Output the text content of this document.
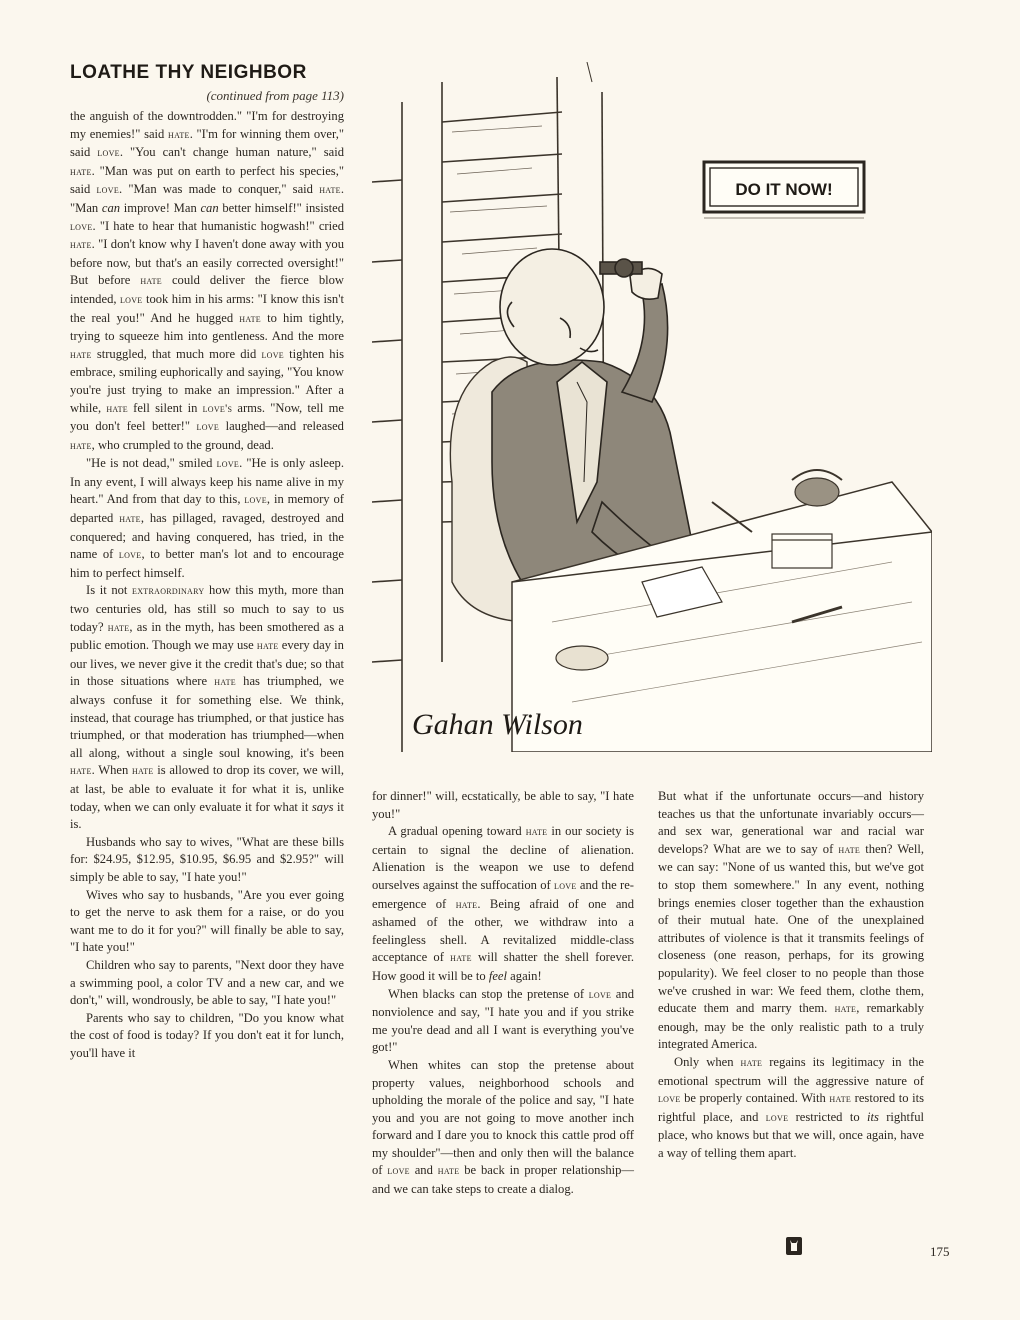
LOATHE THY NEIGHBOR
(continued from page 113)

the anguish of the downtrodden." "I'm for destroying my enemies!" said hate. "I'm for winning them over," said love. "You can't change human nature," said hate. "Man was put on earth to perfect his species," said love. "Man was made to conquer," said hate. "Man can improve! Man can better himself!" insisted love. "I hate to hear that humanistic hogwash!" cried hate. "I don't know why I haven't done away with you before now, but that's an easily corrected oversight!" But before hate could deliver the fierce blow intended, love took him in his arms: "I know this isn't the real you!" And he hugged hate to him tightly, trying to squeeze him into gentleness. And the more hate struggled, that much more did love tighten his embrace, smiling euphorically and saying, "You know you're just trying to make an impression." After a while, hate fell silent in love's arms. "Now, tell me you don't feel better!" love laughed—and released hate, who crumpled to the ground, dead.

"He is not dead," smiled love. "He is only asleep. In any event, I will always keep his name alive in my heart." And from that day to this, love, in memory of departed hate, has pillaged, ravaged, destroyed and conquered; and having conquered, has tried, in the name of love, to better man's lot and to encourage him to perfect himself.

Is it not extraordinary how this myth, more than two centuries old, has still so much to say to us today? hate, as in the myth, has been smothered as a public emotion. Though we may use hate every day in our lives, we never give it the credit that's due; so that in those situations where hate has triumphed, we always confuse it for something else. We think, instead, that courage has triumphed, or that justice has triumphed, or that moderation has triumphed—when all along, without a single soul knowing, it's been hate. When hate is allowed to drop its cover, we will, at last, be able to evaluate it for what it is, unlike today, when we can only evaluate it for what it says it is.

Husbands who say to wives, "What are these bills for: $24.95, $12.95, $10.95, $6.95 and $2.95?" will simply be able to say, "I hate you!"

Wives who say to husbands, "Are you ever going to get the nerve to ask them for a raise, or do you want me to do it for you?" will finally be able to say, "I hate you!"

Children who say to parents, "Next door they have a swimming pool, a color TV and a new car, and we don't," will, wondrously, be able to say, "I hate you!"

Parents who say to children, "Do you know what the cost of food is today? If you don't eat it for lunch, you'll have it

DO IT NOW!
Gahan Wilson

for dinner!" will, ecstatically, be able to say, "I hate you!"

A gradual opening toward hate in our society is certain to signal the decline of alienation. Alienation is the weapon we use to defend ourselves against the suffocation of love and the re-emergence of hate. Being afraid of one and ashamed of the other, we withdraw into a feelingless shell. A revitalized middle-class acceptance of hate will shatter the shell forever. How good it will be to feel again!

When blacks can stop the pretense of love and nonviolence and say, "I hate you and if you strike me you're dead and all I want is everything you've got!"

When whites can stop the pretense about property values, neighborhood schools and upholding the morale of the police and say, "I hate you and you are not going to move another inch forward and I dare you to knock this cattle prod off my shoulder"—then and only then will the balance of love and hate be back in proper relationship—and we can take steps to create a dialog.

But what if the unfortunate occurs—and history teaches us that the unfortunate invariably occurs—and sex war, generational war and racial war develops? What are we to say of hate then? Well, we can say: "None of us wanted this, but we've got to stop them somewhere." In any event, nothing brings enemies closer together than the exhaustion of their mutual hate. One of the unexplained attributes of violence is that it transmits feelings of closeness (one reason, perhaps, for its growing popularity). We feel closer to no people than those we've crushed in war: We feed them, clothe them, educate them and marry them. hate, remarkably enough, may be the only realistic path to a truly integrated America.

Only when hate regains its legitimacy in the emotional spectrum will the aggressive nature of love be properly contained. With hate restored to its rightful place, and love restricted to its rightful place, who knows but that we will, once again, have a way of telling them apart.

175
